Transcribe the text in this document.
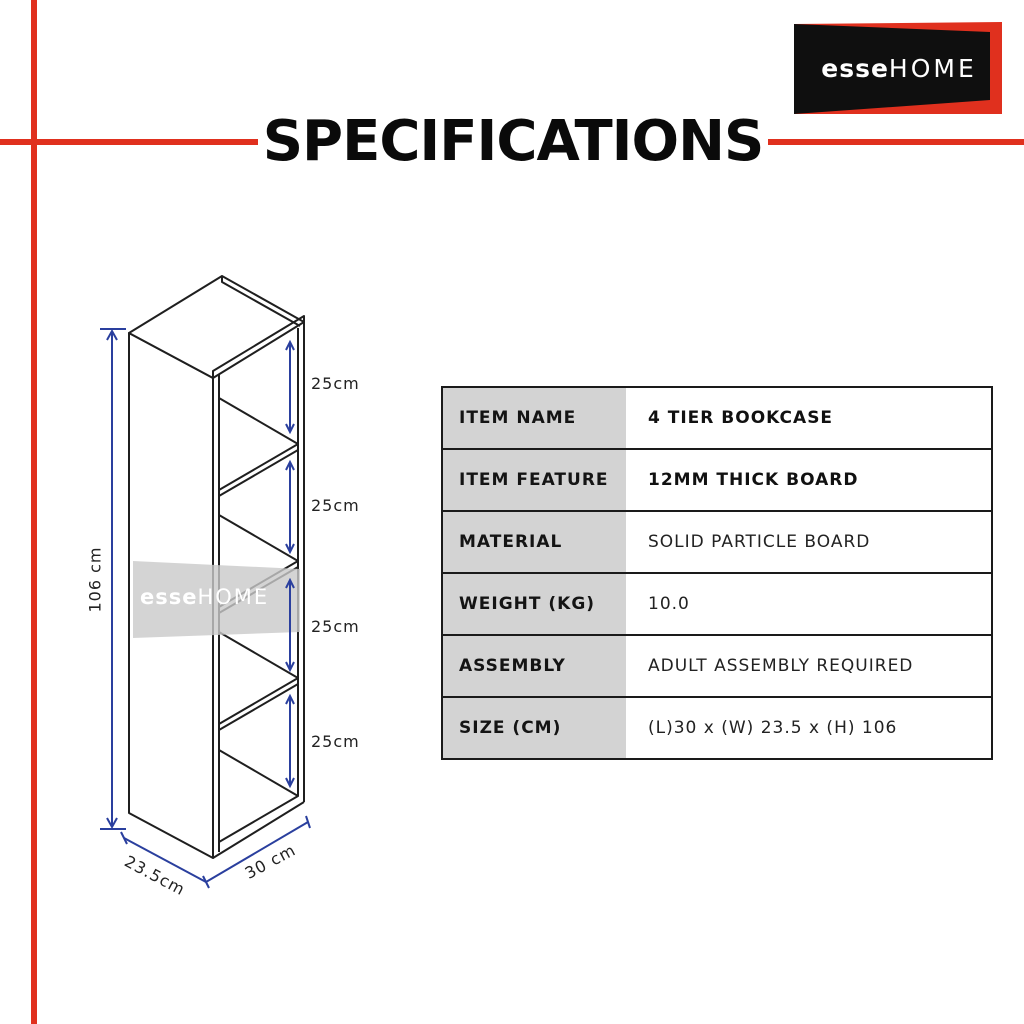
SPECIFICATIONS
esseHOME
esseHOME
25cm
25cm
25cm
25cm
106 cm
23.5cm	30 cm
ITEM NAME	4 TIER BOOKCASE
ITEM FEATURE	12MM THICK BOARD
MATERIAL	SOLID PARTICLE BOARD
WEIGHT (KG)	10.0
ASSEMBLY	ADULT ASSEMBLY REQUIRED
SIZE (CM)	(L)30 x (W) 23.5 x (H) 106
